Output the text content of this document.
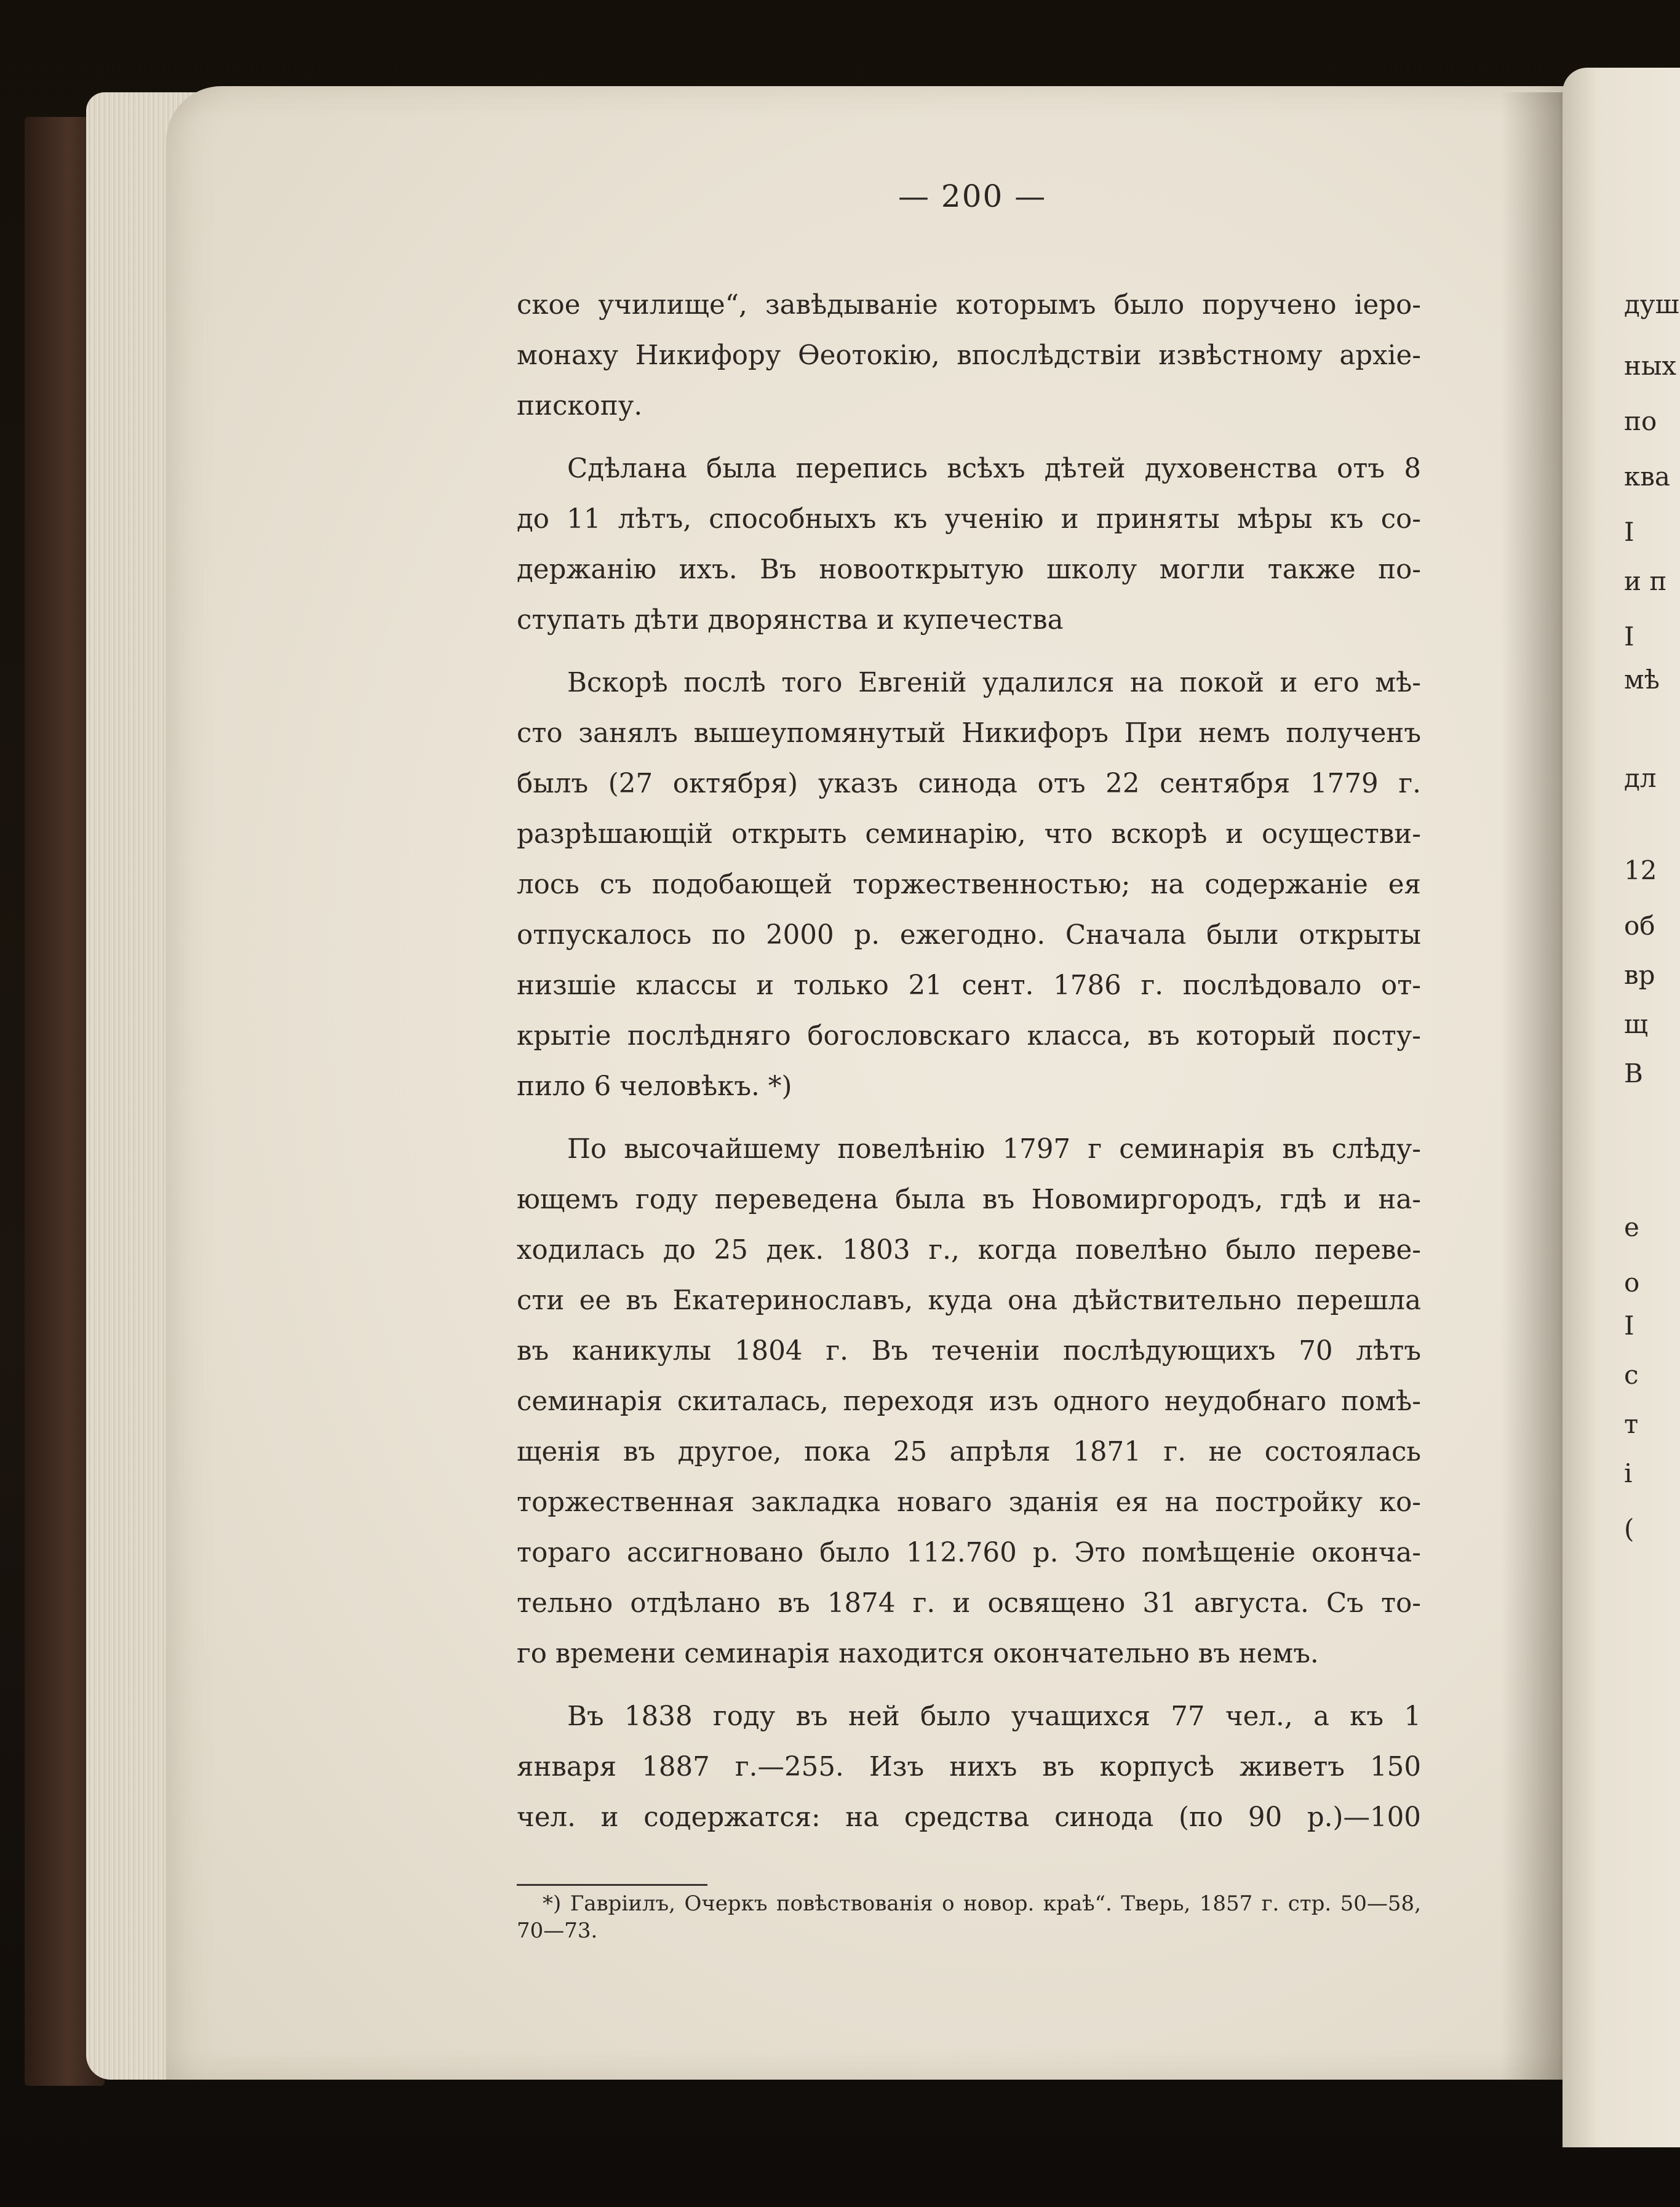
душ
ных
по
ква
І
и п
І
мѣ
дл
12
об
вр
щ
В
е
о
І
с
т
і
(
— 200 —
ское училище“, завѣдываніе которымъ было поручено іеро-
монаху Никифору Ѳеотокію, впослѣдствіи извѣстному архіе-
пископу.
Сдѣлана была перепись всѣхъ дѣтей духовенства отъ 8
до 11 лѣтъ, способныхъ къ ученію и приняты мѣры къ со-
держанію ихъ. Въ новооткрытую школу могли также по-
ступать дѣти дворянства и купечества
Вскорѣ послѣ того Евгеній удалился на покой и его мѣ-
сто занялъ вышеупомянутый Никифоръ При немъ полученъ
былъ (27 октября) указъ синода отъ 22 сентября 1779 г.
разрѣшающій открыть семинарію, что вскорѣ и осуществи-
лось съ подобающей торжественностью; на содержаніе ея
отпускалось по 2000 р. ежегодно. Сначала были открыты
низшіе классы и только 21 сент. 1786 г. послѣдовало от-
крытіе послѣдняго богословскаго класса, въ который посту-
пило 6 человѣкъ. *)
По высочайшему повелѣнію 1797 г семинарія въ слѣду-
ющемъ году переведена была въ Новомиргородъ, гдѣ и на-
ходилась до 25 дек. 1803 г., когда повелѣно было переве-
сти ее въ Екатеринославъ, куда она дѣйствительно перешла
въ каникулы 1804 г. Въ теченіи послѣдующихъ 70 лѣтъ
семинарія скиталась, переходя изъ одного неудобнаго помѣ-
щенія въ другое, пока 25 апрѣля 1871 г. не состоялась
торжественная закладка новаго зданія ея на постройку ко-
тораго ассигновано было 112.760 р. Это помѣщеніе оконча-
тельно отдѣлано въ 1874 г. и освящено 31 августа. Съ то-
го времени семинарія находится окончательно въ немъ.
Въ 1838 году въ ней было учащихся 77 чел., а къ 1
января 1887 г.—255. Изъ нихъ въ корпусѣ живетъ 150
чел. и содержатся: на средства синода (по 90 р.)—100
*) Гавріилъ, Очеркъ повѣствованія о новор. краѣ“. Тверь, 1857 г. стр. 50—58,
70—73.
